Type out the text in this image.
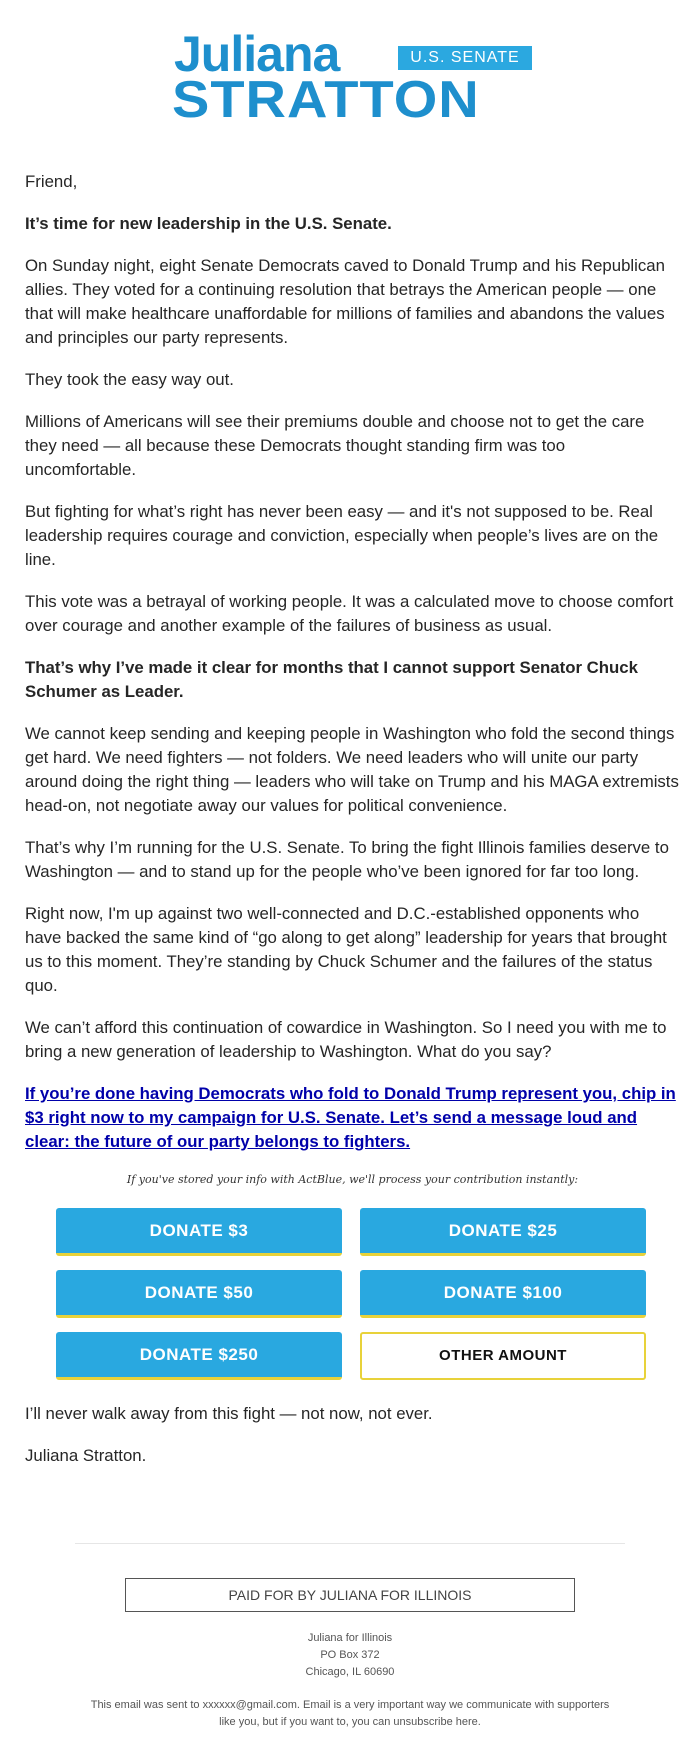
Juliana	U.S. SENATE
STRATTON

Friend,

It’s time for new leadership in the U.S. Senate.

On Sunday night, eight Senate Democrats caved to Donald Trump and his Republican allies. They voted for a continuing resolution that betrays the American people — one that will make healthcare unaffordable for millions of families and abandons the values and principles our party represents.

They took the easy way out.

Millions of Americans will see their premiums double and choose not to get the care they need — all because these Democrats thought standing firm was too uncomfortable.

But fighting for what’s right has never been easy — and it's not supposed to be. Real leadership requires courage and conviction, especially when people’s lives are on the line.

This vote was a betrayal of working people. It was a calculated move to choose comfort over courage and another example of the failures of business as usual.

That’s why I’ve made it clear for months that I cannot support Senator Chuck Schumer as Leader.

We cannot keep sending and keeping people in Washington who fold the second things get hard. We need fighters — not folders. We need leaders who will unite our party around doing the right thing — leaders who will take on Trump and his MAGA extremists head-on, not negotiate away our values for political convenience.

That’s why I’m running for the U.S. Senate. To bring the fight Illinois families deserve to Washington — and to stand up for the people who’ve been ignored for far too long.

Right now, I'm up against two well-connected and D.C.-established opponents who have backed the same kind of “go along to get along” leadership for years that brought us to this moment. They’re standing by Chuck Schumer and the failures of the status quo.

We can’t afford this continuation of cowardice in Washington. So I need you with me to bring a new generation of leadership to Washington. What do you say?

If you’re done having Democrats who fold to Donald Trump represent you, chip in $3 right now to my campaign for U.S. Senate. Let’s send a message loud and clear: the future of our party belongs to fighters.
If you've stored your info with ActBlue, we'll process your contribution instantly:
DONATE $3	DONATE $25
DONATE $50	DONATE $100
DONATE $250	OTHER AMOUNT

I’ll never walk away from this fight — not now, not ever.

Juliana Stratton.

PAID FOR BY JULIANA FOR ILLINOIS
Juliana for Illinois
PO Box 372
Chicago, IL 60690
This email was sent to xxxxxx@gmail.com. Email is a very important way we communicate with supporters like you, but if you want to, you can unsubscribe here.
